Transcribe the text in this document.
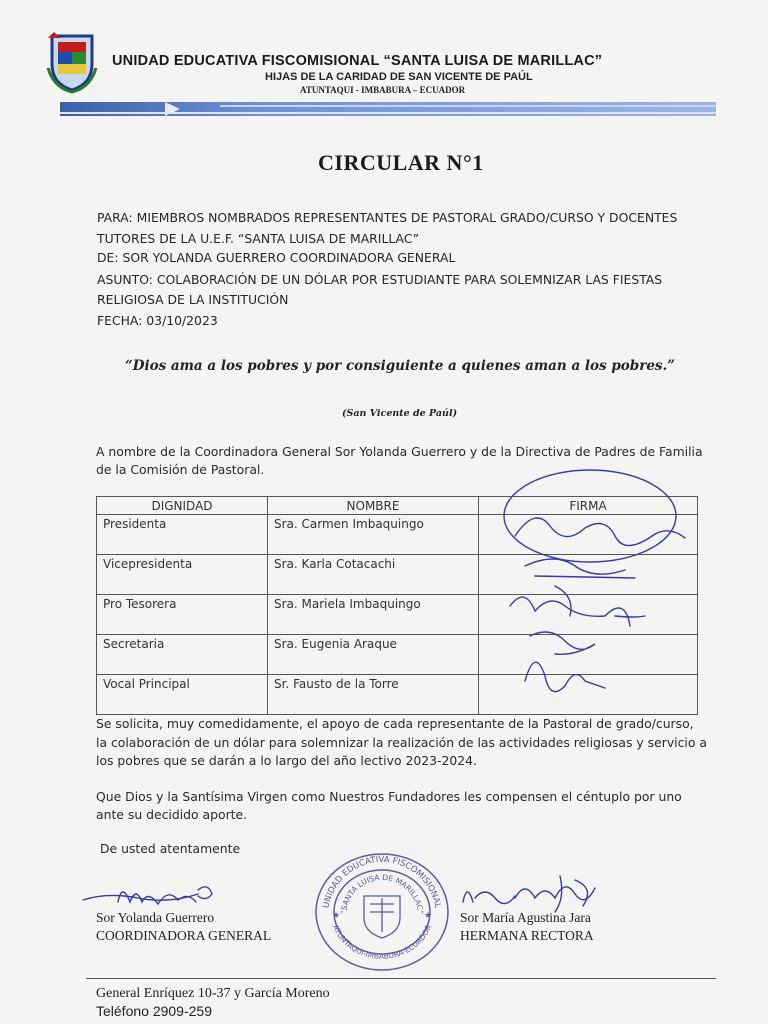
UNIDAD EDUCATIVA FISCOMISIONAL “SANTA LUISA DE MARILLAC”
HIJAS DE LA CARIDAD DE SAN VICENTE DE PAÚL
ATUNTAQUI - IMBABURA – ECUADOR
CIRCULAR N°1
PARA: MIEMBROS NOMBRADOS REPRESENTANTES DE PASTORAL GRADO/CURSO Y DOCENTES
TUTORES DE LA U.E.F. “SANTA LUISA DE MARILLAC”
DE: SOR YOLANDA GUERRERO COORDINADORA GENERAL
ASUNTO: COLABORACIÓN DE UN DÓLAR POR ESTUDIANTE PARA SOLEMNIZAR LAS FIESTAS
RELIGIOSA DE LA INSTITUCIÓN
FECHA: 03/10/2023
“Dios ama a los pobres y por consiguiente a quienes aman a los pobres.”
(San Vicente de Paúl)
A nombre de la Coordinadora General Sor Yolanda Guerrero y de la Directiva de Padres de Familia
de la Comisión de Pastoral.
DIGNIDAD	NOMBRE	FIRMA
Presidenta	Sra. Carmen Imbaquingo	
Vicepresidenta	Sra. Karla Cotacachi	
Pro Tesorera	Sra. Mariela Imbaquingo	
Secretaria	Sra. Eugenia Araque	
Vocal Principal	Sr. Fausto de la Torre	
Se solicita, muy comedidamente, el apoyo de cada representante de la Pastoral de grado/curso,
la colaboración de un dólar para solemnizar la realización de las actividades religiosas y servicio a
los pobres que se darán a lo largo del año lectivo 2023-2024.
Que Dios y la Santísima Virgen como Nuestros Fundadores les compensen el céntuplo por uno
ante su decidido aporte.
De usted atentamente
Sor Yolanda Guerrero
COORDINADORA GENERAL
UNIDAD EDUCATIVA FISCOMISIONAL
“SANTA LUISA DE MARILLAC”
ATUNTAQUI-IMBABURA-ECUADOR
★	★ Sor María Agustina Jara
HERMANA RECTORA
General Enríquez 10-37 y García Moreno
Teléfono 2909-259
